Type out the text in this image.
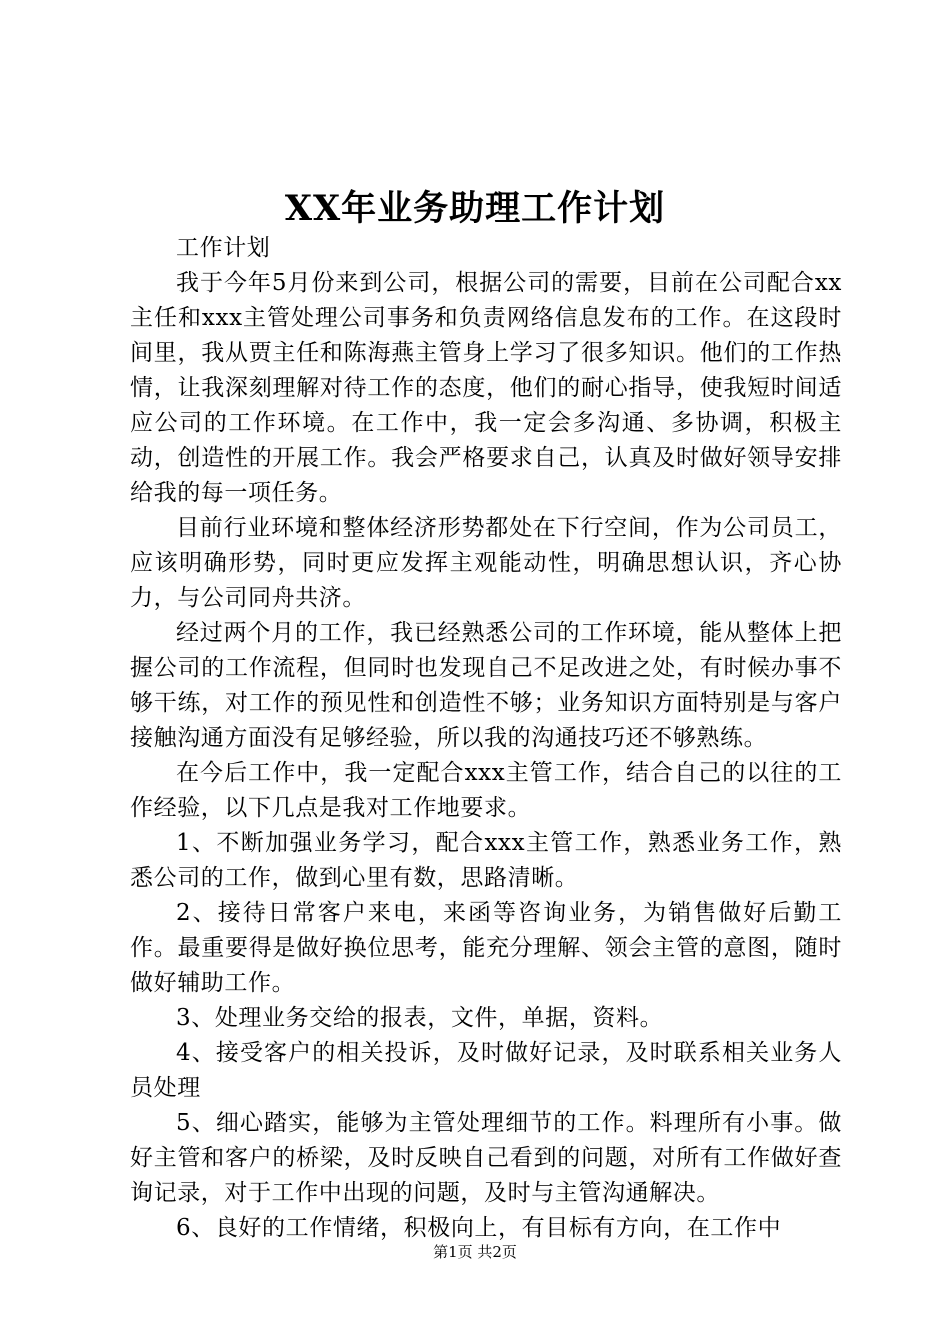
XX年业务助理工作计划

工作计划

我于今年5月份来到公司，根据公司的需要，目前在公司配合xx主任和xxx主管处理公司事务和负责网络信息发布的工作。在这段时间里，我从贾主任和陈海燕主管身上学习了很多知识。他们的工作热情，让我深刻理解对待工作的态度，他们的耐心指导，使我短时间适应公司的工作环境。在工作中，我一定会多沟通、多协调，积极主动，创造性的开展工作。我会严格要求自己，认真及时做好领导安排给我的每一项任务。

目前行业环境和整体经济形势都处在下行空间，作为公司员工，应该明确形势，同时更应发挥主观能动性，明确思想认识，齐心协力，与公司同舟共济。

经过两个月的工作，我已经熟悉公司的工作环境，能从整体上把握公司的工作流程，但同时也发现自己不足改进之处，有时候办事不够干练，对工作的预见性和创造性不够；业务知识方面特别是与客户接触沟通方面没有足够经验，所以我的沟通技巧还不够熟练。

在今后工作中，我一定配合xxx主管工作，结合自己的以往的工作经验，以下几点是我对工作地要求。

1、不断加强业务学习，配合xxx主管工作，熟悉业务工作，熟悉公司的工作，做到心里有数，思路清晰。

2、接待日常客户来电，来函等咨询业务，为销售做好后勤工作。最重要得是做好换位思考，能充分理解、领会主管的意图，随时做好辅助工作。

3、处理业务交给的报表，文件，单据，资料。

4、接受客户的相关投诉，及时做好记录，及时联系相关业务人员处理

5、细心踏实，能够为主管处理细节的工作。料理所有小事。做好主管和客户的桥梁，及时反映自己看到的问题，对所有工作做好查询记录，对于工作中出现的问题，及时与主管沟通解决。

6、良好的工作情绪，积极向上，有目标有方向，在工作中

第1页 共2页
